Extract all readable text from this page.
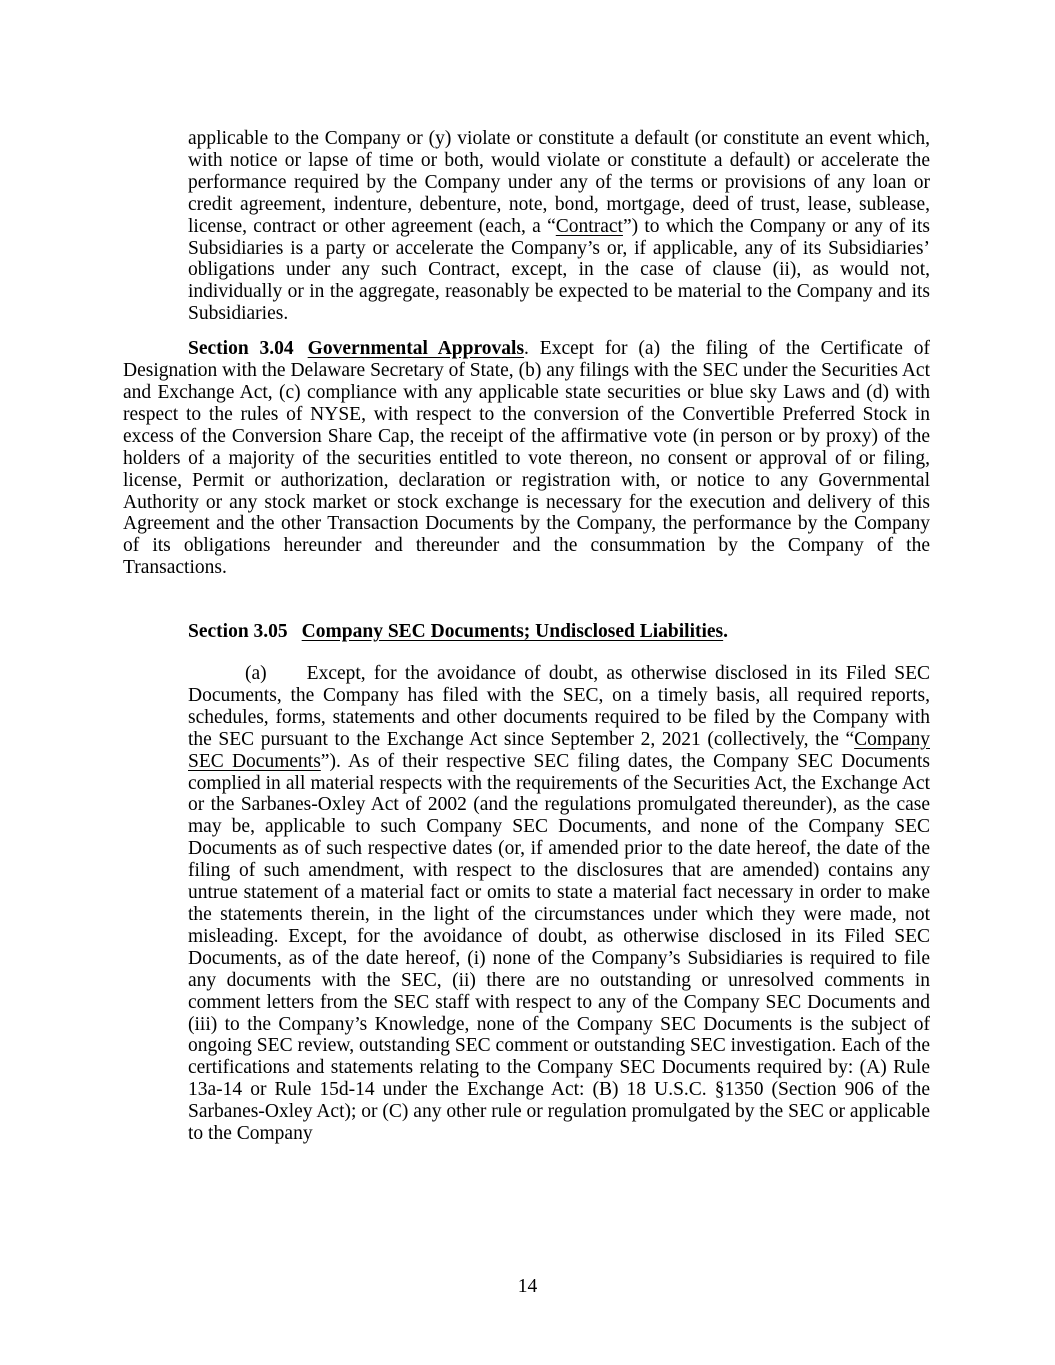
applicable to the Company or (y) violate or constitute a default (or constitute an event which, with notice or lapse of time or both, would violate or constitute a default) or accelerate the performance required by the Company under any of the terms or provisions of any loan or credit agreement, indenture, debenture, note, bond, mortgage, deed of trust, lease, sublease, license, contract or other agreement (each, a “Contract”) to which the Company or any of its Subsidiaries is a party or accelerate the Company’s or, if applicable, any of its Subsidiaries’ obligations under any such Contract, except, in the case of clause (ii), as would not, individually or in the aggregate, reasonably be expected to be material to the Company and its Subsidiaries.

Section 3.04 Governmental Approvals. Except for (a) the filing of the Certificate of Designation with the Delaware Secretary of State, (b) any filings with the SEC under the Securities Act and Exchange Act, (c) compliance with any applicable state securities or blue sky Laws and (d) with respect to the rules of NYSE, with respect to the conversion of the Convertible Preferred Stock in excess of the Conversion Share Cap, the receipt of the affirmative vote (in person or by proxy) of the holders of a majority of the securities entitled to vote thereon, no consent or approval of or filing, license, Permit or authorization, declaration or registration with, or notice to any Governmental Authority or any stock market or stock exchange is necessary for the execution and delivery of this Agreement and the other Transaction Documents by the Company, the performance by the Company of its obligations hereunder and thereunder and the consummation by the Company of the Transactions.

Section 3.05 Company SEC Documents; Undisclosed Liabilities.

(a) Except, for the avoidance of doubt, as otherwise disclosed in its Filed SEC Documents, the Company has filed with the SEC, on a timely basis, all required reports, schedules, forms, statements and other documents required to be filed by the Company with the SEC pursuant to the Exchange Act since September 2, 2021 (collectively, the “Company SEC Documents”). As of their respective SEC filing dates, the Company SEC Documents complied in all material respects with the requirements of the Securities Act, the Exchange Act or the Sarbanes-Oxley Act of 2002 (and the regulations promulgated thereunder), as the case may be, applicable to such Company SEC Documents, and none of the Company SEC Documents as of such respective dates (or, if amended prior to the date hereof, the date of the filing of such amendment, with respect to the disclosures that are amended) contains any untrue statement of a material fact or omits to state a material fact necessary in order to make the statements therein, in the light of the circumstances under which they were made, not misleading. Except, for the avoidance of doubt, as otherwise disclosed in its Filed SEC Documents, as of the date hereof, (i) none of the Company’s Subsidiaries is required to file any documents with the SEC, (ii) there are no outstanding or unresolved comments in comment letters from the SEC staff with respect to any of the Company SEC Documents and (iii) to the Company’s Knowledge, none of the Company SEC Documents is the subject of ongoing SEC review, outstanding SEC comment or outstanding SEC investigation. Each of the certifications and statements relating to the Company SEC Documents required by: (A) Rule 13a-14 or Rule 15d-14 under the Exchange Act: (B) 18 U.S.C. §1350 (Section 906 of the Sarbanes-Oxley Act); or (C) any other rule or regulation promulgated by the SEC or applicable to the Company

14
